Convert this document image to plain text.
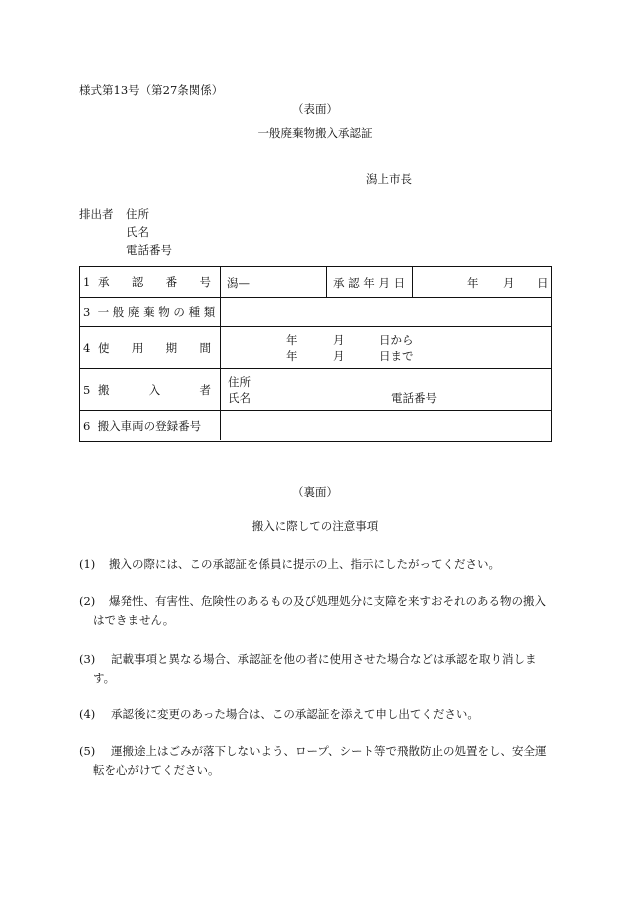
様式第13号（第27条関係）
（表面）
一般廃棄物搬入承認証
潟上市長
排出者 住所
氏名
電話番号
1 承 認 番 号 潟—	承 認 年 月 日	年 月 日
3 一 般 廃 棄 物 の 種 類
4 使 用 期 間
年	月	日から
年	月	日まで
5 搬	入	者
住所
氏名	電話番号
6 搬入車両の登録番号
（裏面）
搬入に際しての注意事項
(1) 搬入の際には、この承認証を係員に提示の上、指示にしたがってください。
(2) 爆発性、有害性、危険性のあるもの及び処理処分に支障を来すおそれのある物の搬入
はできません。
(3) 記載事項と異なる場合、承認証を他の者に使用させた場合などは承認を取り消しま
す。
(4) 承認後に変更のあった場合は、この承認証を添えて申し出てください。
(5) 運搬途上はごみが落下しないよう、ロープ、シート等で飛散防止の処置をし、安全運
転を心がけてください。
